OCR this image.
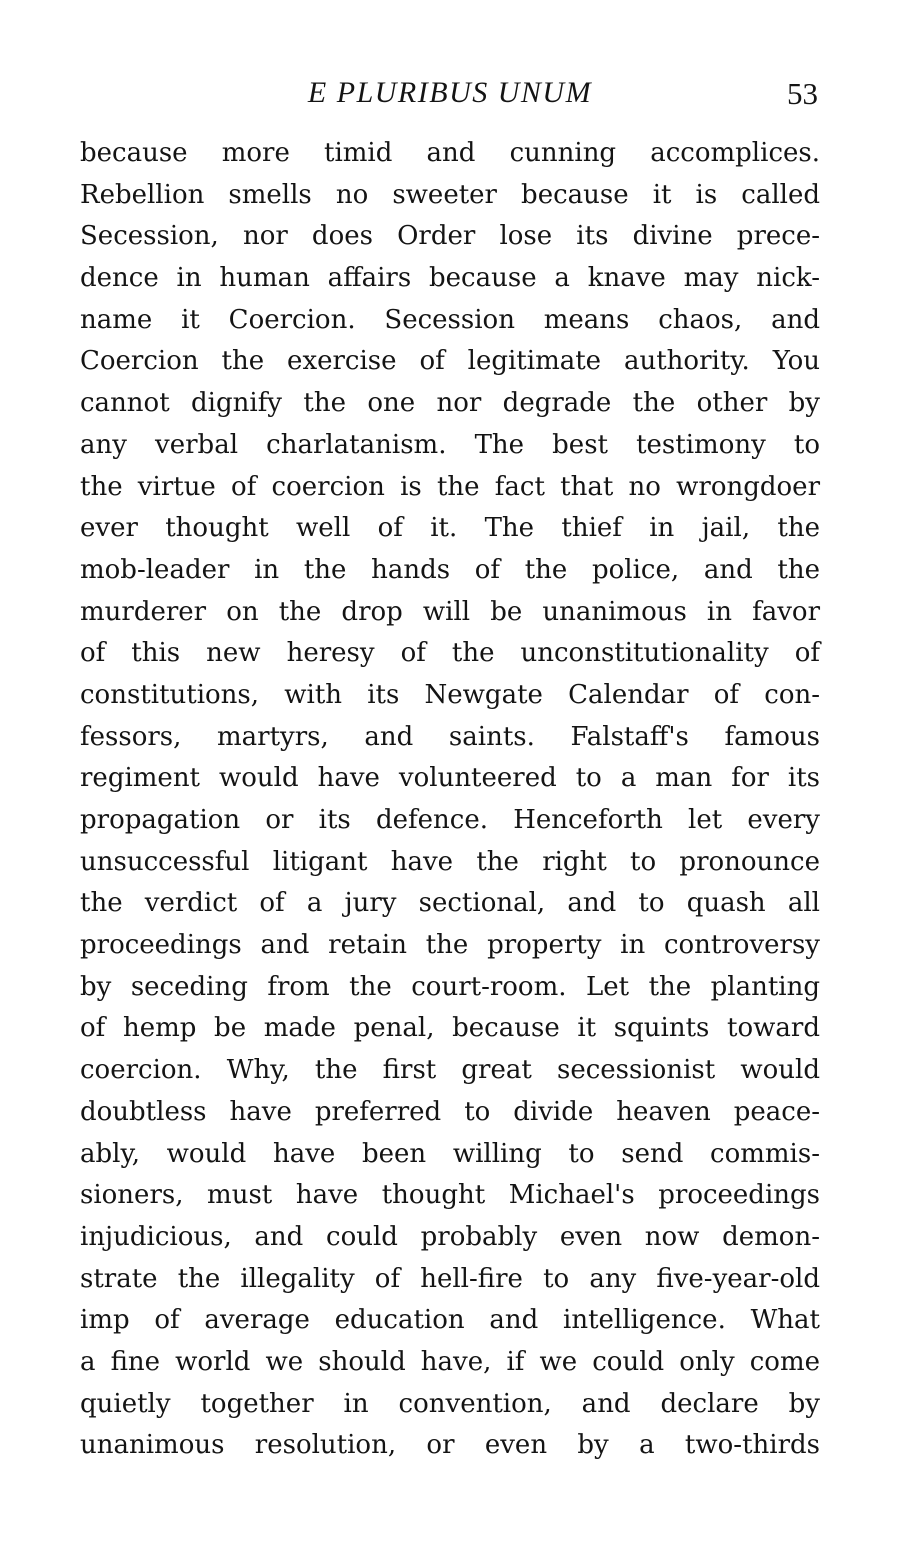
E PLURIBUS UNUM	53
because more timid and cunning accomplices.
Rebellion smells no sweeter because it is called
Secession, nor does Order lose its divine prece-
dence in human affairs because a knave may nick-
name it Coercion. Secession means chaos, and
Coercion the exercise of legitimate authority. You
cannot dignify the one nor degrade the other by
any verbal charlatanism. The best testimony to
the virtue of coercion is the fact that no wrongdoer
ever thought well of it. The thief in jail, the
mob-leader in the hands of the police, and the
murderer on the drop will be unanimous in favor
of this new heresy of the unconstitutionality of
constitutions, with its Newgate Calendar of con-
fessors, martyrs, and saints. Falstaff's famous
regiment would have volunteered to a man for its
propagation or its defence. Henceforth let every
unsuccessful litigant have the right to pronounce
the verdict of a jury sectional, and to quash all
proceedings and retain the property in controversy
by seceding from the court-room. Let the planting
of hemp be made penal, because it squints toward
coercion. Why, the first great secessionist would
doubtless have preferred to divide heaven peace-
ably, would have been willing to send commis-
sioners, must have thought Michael's proceedings
injudicious, and could probably even now demon-
strate the illegality of hell-fire to any five-year-old
imp of average education and intelligence. What
a fine world we should have, if we could only come
quietly together in convention, and declare by
unanimous resolution, or even by a two-thirds
